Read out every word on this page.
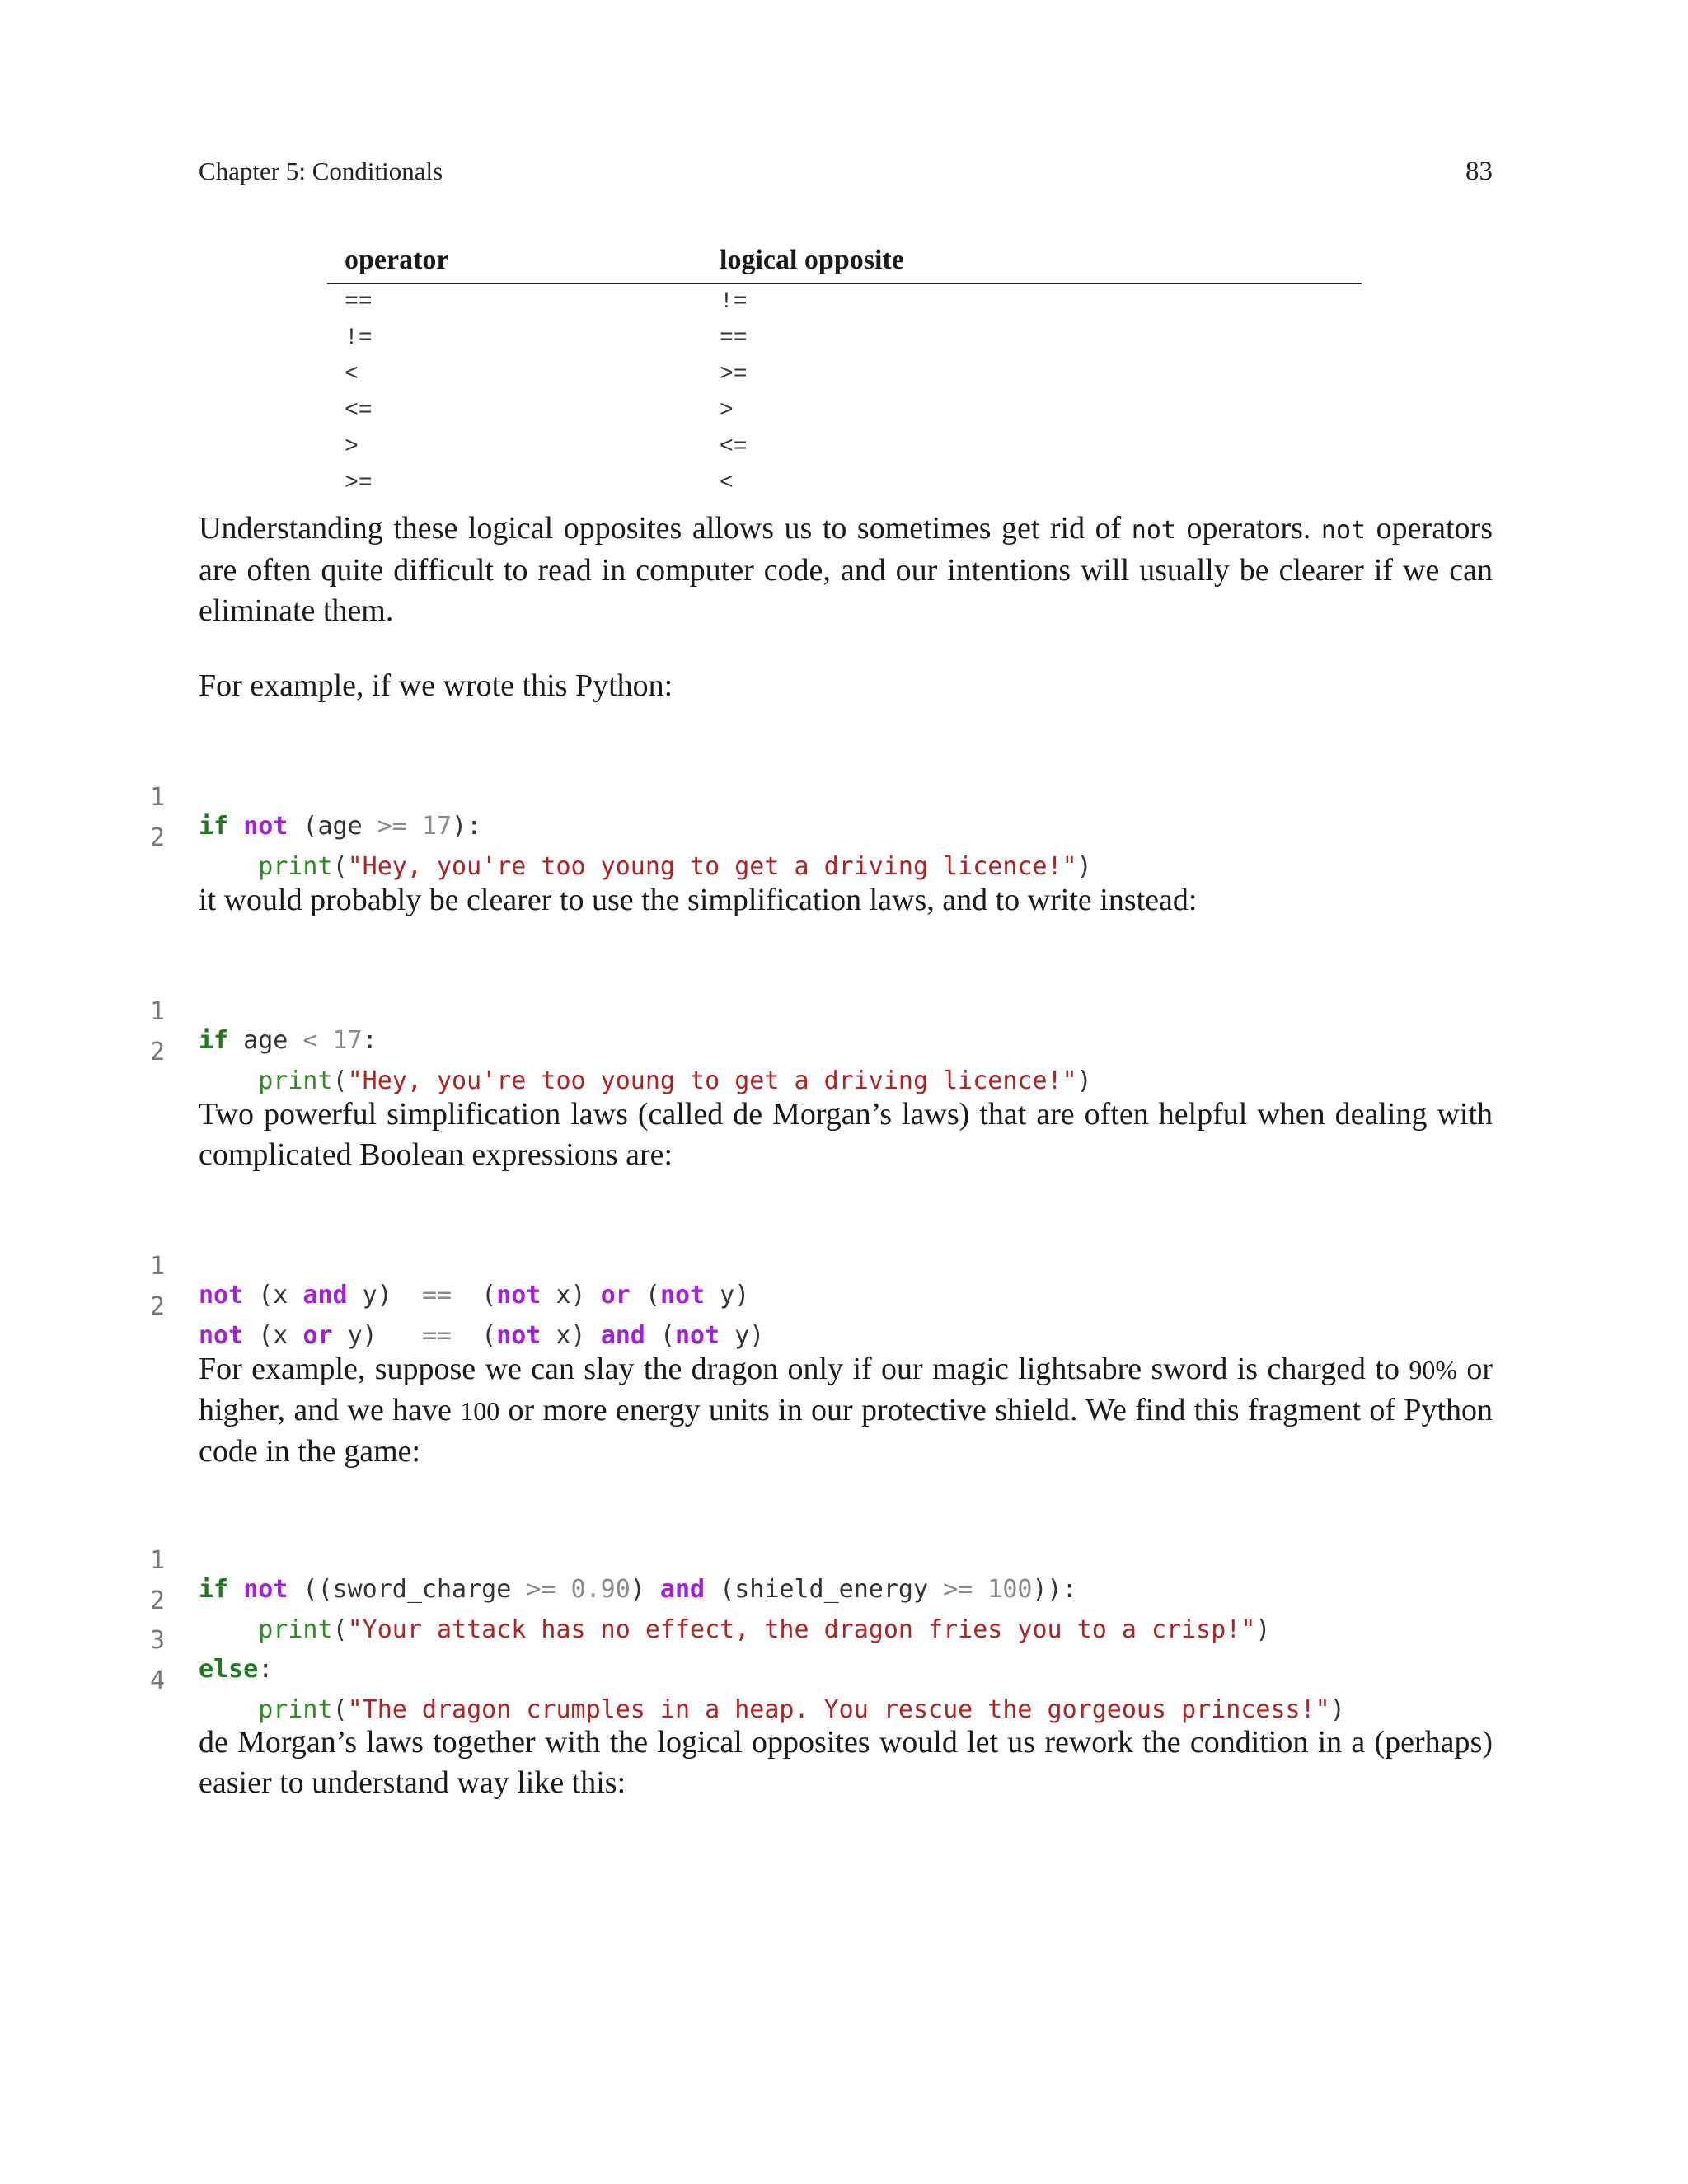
Chapter 5: Conditionals	83
operator	logical opposite
==	!=
!=	==
<	>=
<=	>
>	<=
>=	<

Understanding these logical opposites allows us to sometimes get rid of not operators. not operators are often quite difficult to read in computer code, and our intentions will usually be clearer if we can eliminate them.

For example, if we wrote this Python:

1

if not (age >= 17):

2

print("Hey, you're too young to get a driving licence!")

it would probably be clearer to use the simplification laws, and to write instead:

1

if age < 17:

2

print("Hey, you're too young to get a driving licence!")

Two powerful simplification laws (called de Morgan’s laws) that are often helpful when dealing with complicated Boolean expressions are:

1

not (x and y)  ==  (not x) or (not y)

2

not (x or y)   ==  (not x) and (not y)

For example, suppose we can slay the dragon only if our magic lightsabre sword is charged to 90% or higher, and we have 100 or more energy units in our protective shield. We find this fragment of Python code in the game:

1

if not ((sword_charge >= 0.90) and (shield_energy >= 100)):

2

print("Your attack has no effect, the dragon fries you to a crisp!")

3

else:

4

print("The dragon crumples in a heap. You rescue the gorgeous princess!")

de Morgan’s laws together with the logical opposites would let us rework the condition in a (perhaps) easier to understand way like this:
